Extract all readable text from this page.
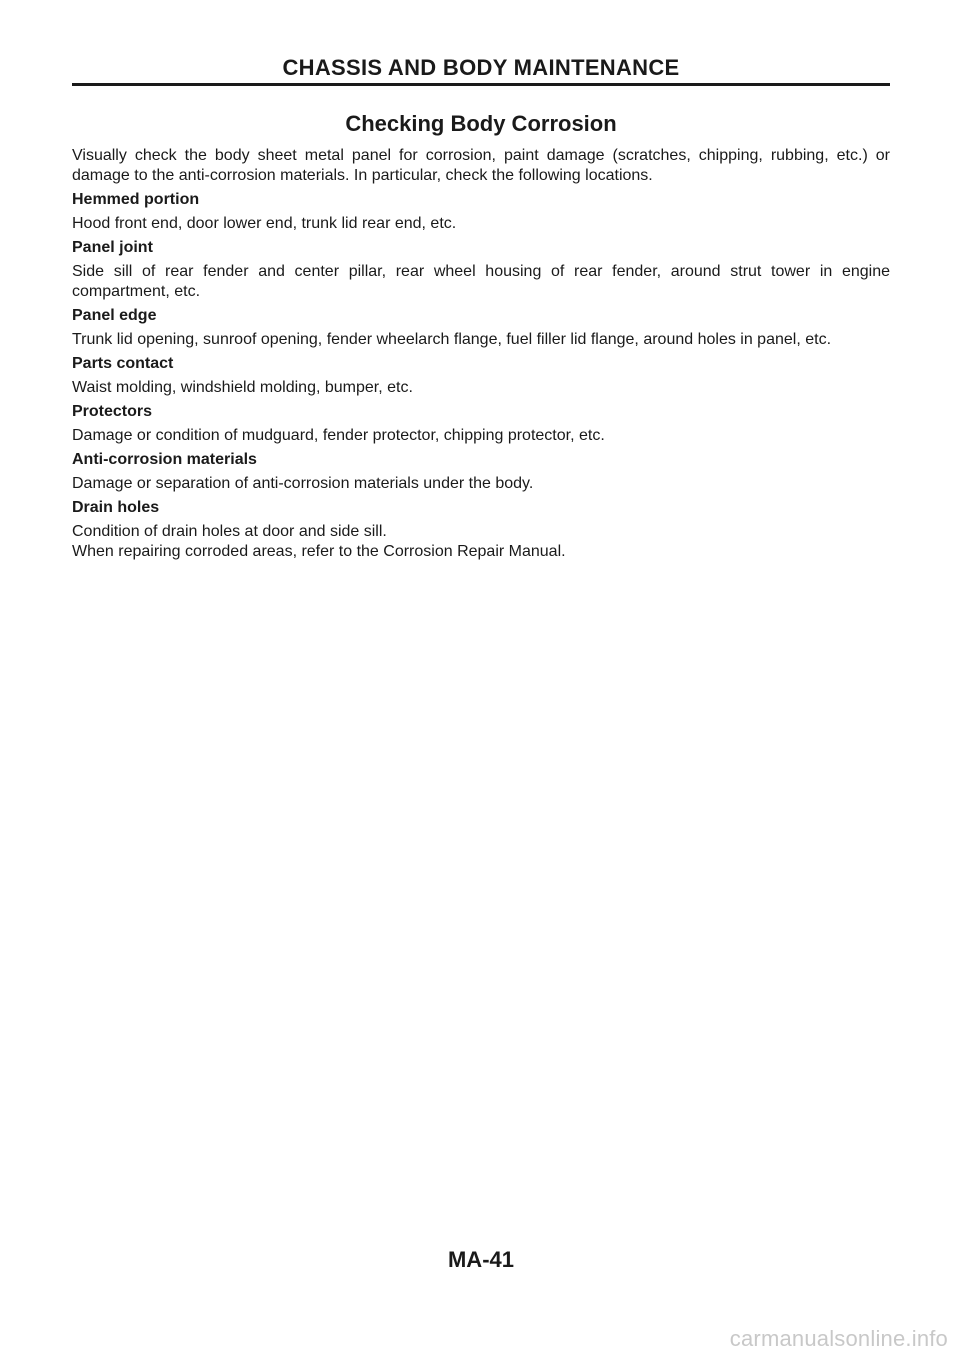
CHASSIS AND BODY MAINTENANCE
Checking Body Corrosion

Visually check the body sheet metal panel for corrosion, paint damage (scratches, chipping, rubbing, etc.) or damage to the anti-corrosion materials. In particular, check the following locations.

Hemmed portion

Hood front end, door lower end, trunk lid rear end, etc.

Panel joint

Side sill of rear fender and center pillar, rear wheel housing of rear fender, around strut tower in engine compartment, etc.

Panel edge

Trunk lid opening, sunroof opening, fender wheelarch flange, fuel filler lid flange, around holes in panel, etc.

Parts contact

Waist molding, windshield molding, bumper, etc.

Protectors

Damage or condition of mudguard, fender protector, chipping protector, etc.

Anti-corrosion materials

Damage or separation of anti-corrosion materials under the body.

Drain holes

Condition of drain holes at door and side sill.

When repairing corroded areas, refer to the Corrosion Repair Manual.

MA-41
carmanualsonline.info
